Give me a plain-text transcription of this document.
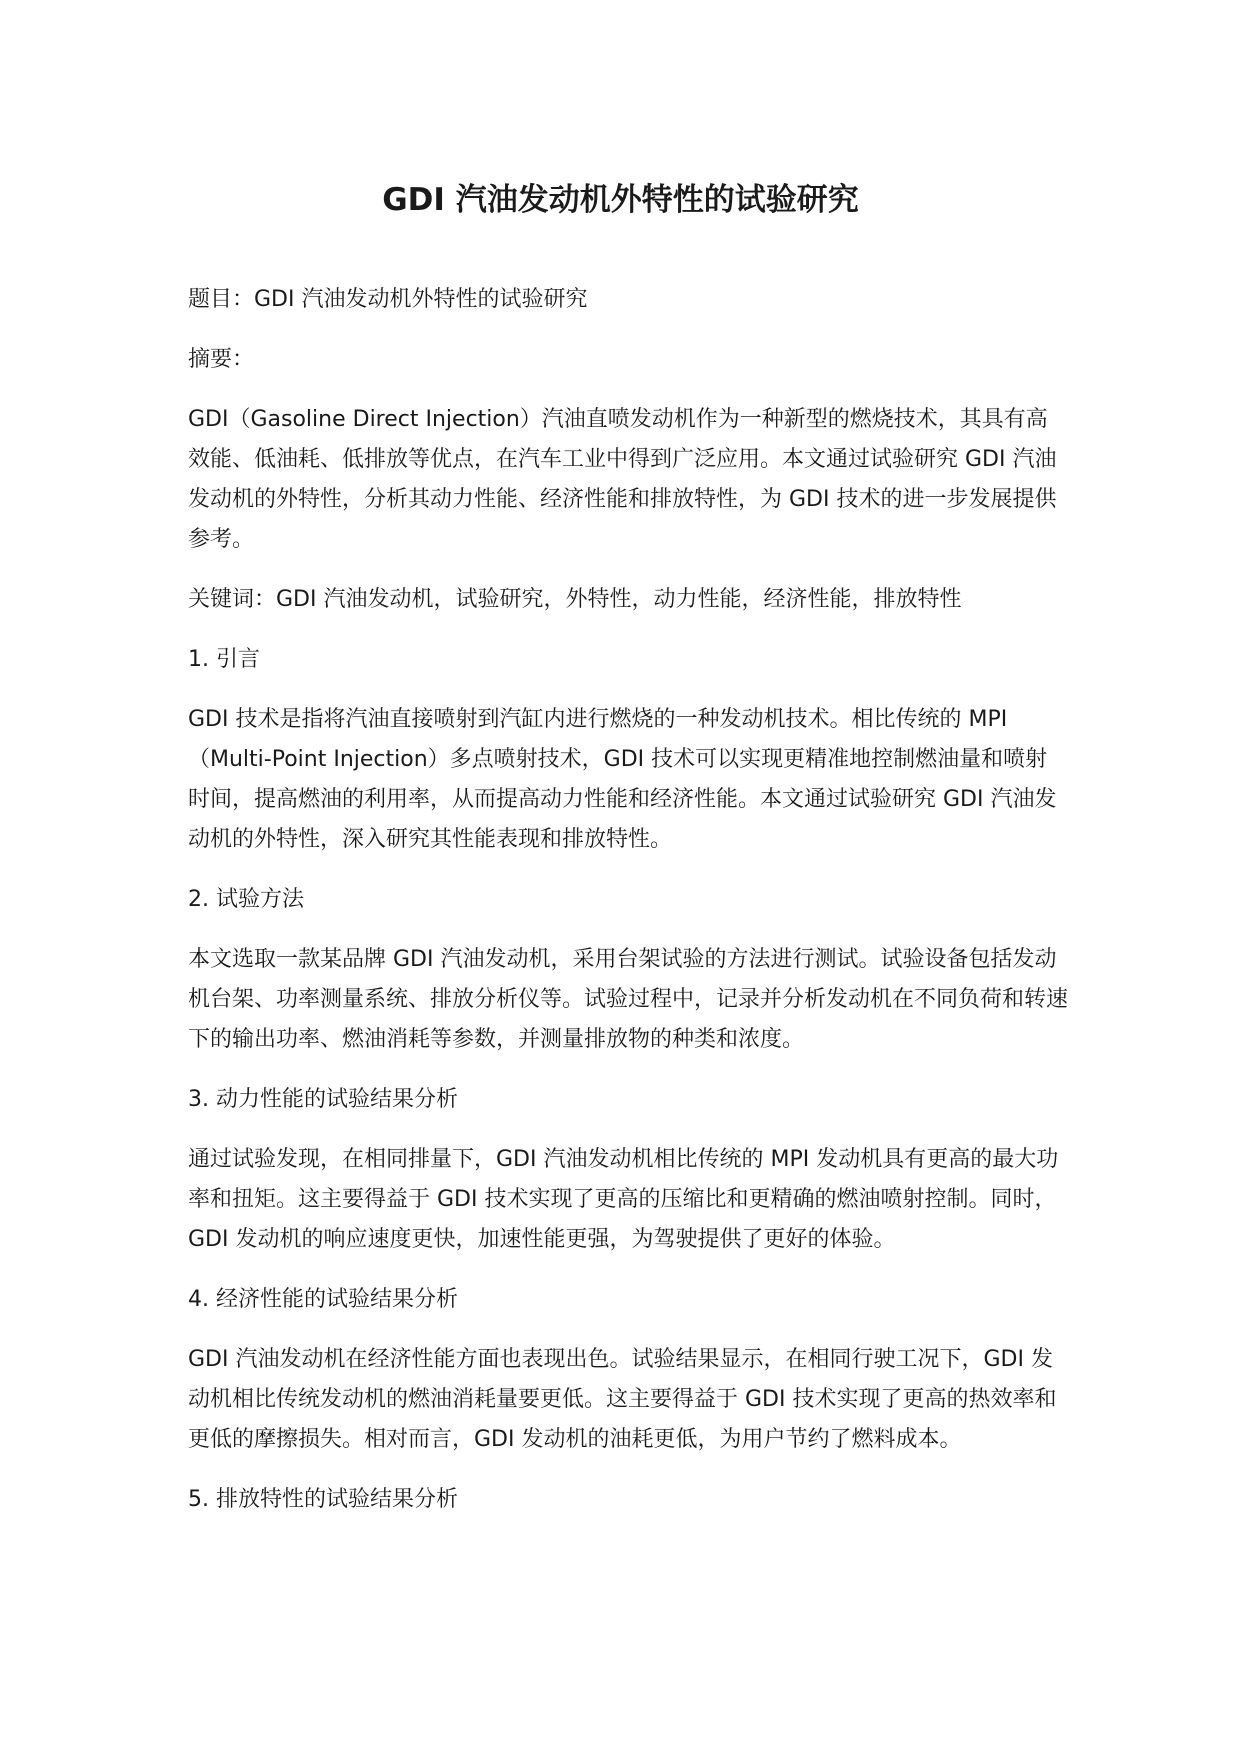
GDI 汽油发动机外特性的试验研究

题目：GDI 汽油发动机外特性的试验研究

摘要：

GDI（Gasoline Direct Injection）汽油直喷发动机作为一种新型的燃烧技术，其具有高效能、低油耗、低排放等优点，在汽车工业中得到广泛应用。本文通过试验研究 GDI 汽油发动机的外特性，分析其动力性能、经济性能和排放特性，为 GDI 技术的进一步发展提供参考。

关键词：GDI 汽油发动机，试验研究，外特性，动力性能，经济性能，排放特性

1. 引言

GDI 技术是指将汽油直接喷射到汽缸内进行燃烧的一种发动机技术。相比传统的 MPI（Multi-Point Injection）多点喷射技术，GDI 技术可以实现更精准地控制燃油量和喷射时间，提高燃油的利用率，从而提高动力性能和经济性能。本文通过试验研究 GDI 汽油发动机的外特性，深入研究其性能表现和排放特性。

2. 试验方法

本文选取一款某品牌 GDI 汽油发动机，采用台架试验的方法进行测试。试验设备包括发动机台架、功率测量系统、排放分析仪等。试验过程中，记录并分析发动机在不同负荷和转速下的输出功率、燃油消耗等参数，并测量排放物的种类和浓度。

3. 动力性能的试验结果分析

通过试验发现，在相同排量下，GDI 汽油发动机相比传统的 MPI 发动机具有更高的最大功率和扭矩。这主要得益于 GDI 技术实现了更高的压缩比和更精确的燃油喷射控制。同时，GDI 发动机的响应速度更快，加速性能更强，为驾驶提供了更好的体验。

4. 经济性能的试验结果分析

GDI 汽油发动机在经济性能方面也表现出色。试验结果显示，在相同行驶工况下，GDI 发动机相比传统发动机的燃油消耗量要更低。这主要得益于 GDI 技术实现了更高的热效率和更低的摩擦损失。相对而言，GDI 发动机的油耗更低，为用户节约了燃料成本。

5. 排放特性的试验结果分析
